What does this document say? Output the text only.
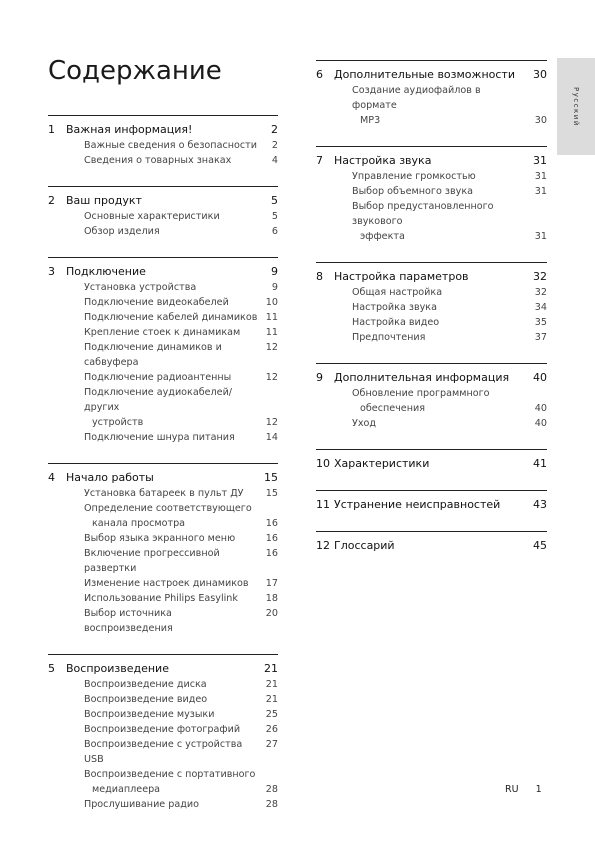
Содержание
1	Важная информация!	2
Важные сведения о безопасности	2
Сведения о товарных знаках	4
2	Ваш продукт	5
Основные характеристики	5
Обзор изделия	6
3	Подключение	9
Установка устройства	9
Подключение видеокабелей	10
Подключение кабелей динамиков 11
Крепление стоек к динамикам	11
Подключение динамиков и сабвуфера
12
Подключение радиоантенны	12
Подключение аудиокабелей/других
устройств	12
Подключение шнура питания	14
4	Начало работы	15
Установка батареек в пульт ДУ	15
Определение соответствующего
канала просмотра	16
Выбор языка экранного меню	16
Включение прогрессивной развертки
16
Изменение настроек динамиков	17
Использование Philips Easylink	18
Выбор источника воспроизведения
20
5	Воспроизведение	21
Воспроизведение диска	21
Воспроизведение видео	21
Воспроизведение музыки	25
Воспроизведение фотографий	26
Воспроизведение с устройства USB
27
Воспроизведение с портативного
медиаплеера	28
Прослушивание радио	28
6	Дополнительные возможности	30
Создание аудиофайлов в формате
MP3	30
7	Настройка звука	31
Управление громкостью	31
Выбор объемного звука	31
Выбор предустановленного звукового
эффекта	31
8	Настройка параметров	32
Общая настройка	32
Настройка звука	34
Настройка видео	35
Предпочтения	37
9	Дополнительная информация	40
Обновление программного
обеспечения	40
Уход	40
10 Характеристики	41
11 Устранение неисправностей	43
12 Глоссарий	45
Русский
RU 1
